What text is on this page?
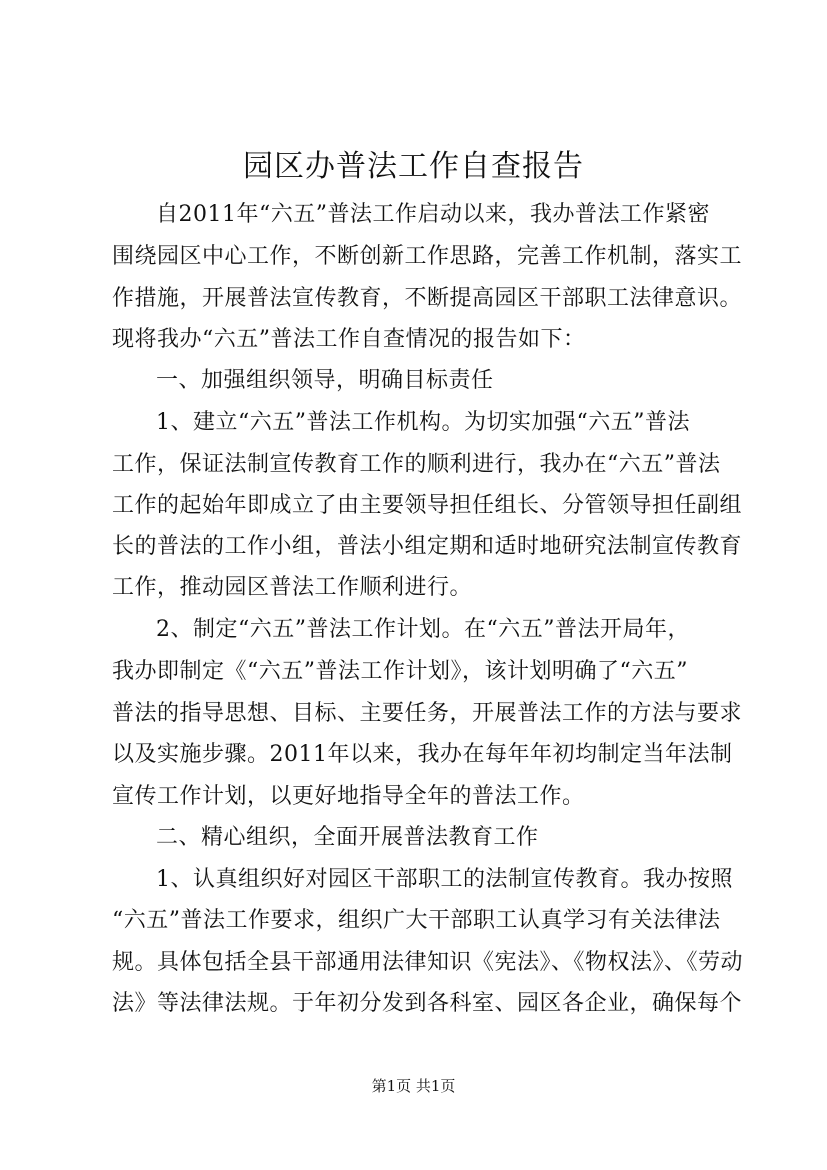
园区办普法工作自查报告
自2011年“六五”普法工作启动以来，我办普法工作紧密
围绕园区中心工作，不断创新工作思路，完善工作机制，落实工
作措施，开展普法宣传教育，不断提高园区干部职工法律意识。
现将我办“六五”普法工作自查情况的报告如下：
一、加强组织领导，明确目标责任
1、建立“六五”普法工作机构。为切实加强“六五”普法
工作，保证法制宣传教育工作的顺利进行，我办在“六五”普法
工作的起始年即成立了由主要领导担任组长、分管领导担任副组
长的普法的工作小组，普法小组定期和适时地研究法制宣传教育
工作，推动园区普法工作顺利进行。
2、制定“六五”普法工作计划。在“六五”普法开局年，
我办即制定《“六五”普法工作计划》，该计划明确了“六五”
普法的指导思想、目标、主要任务，开展普法工作的方法与要求
以及实施步骤。2011年以来，我办在每年年初均制定当年法制
宣传工作计划，以更好地指导全年的普法工作。
二、精心组织，全面开展普法教育工作
1、认真组织好对园区干部职工的法制宣传教育。我办按照
“六五”普法工作要求，组织广大干部职工认真学习有关法律法
规。具体包括全县干部通用法律知识《宪法》、《物权法》、《劳动
法》等法律法规。于年初分发到各科室、园区各企业，确保每个
第1页 共1页
